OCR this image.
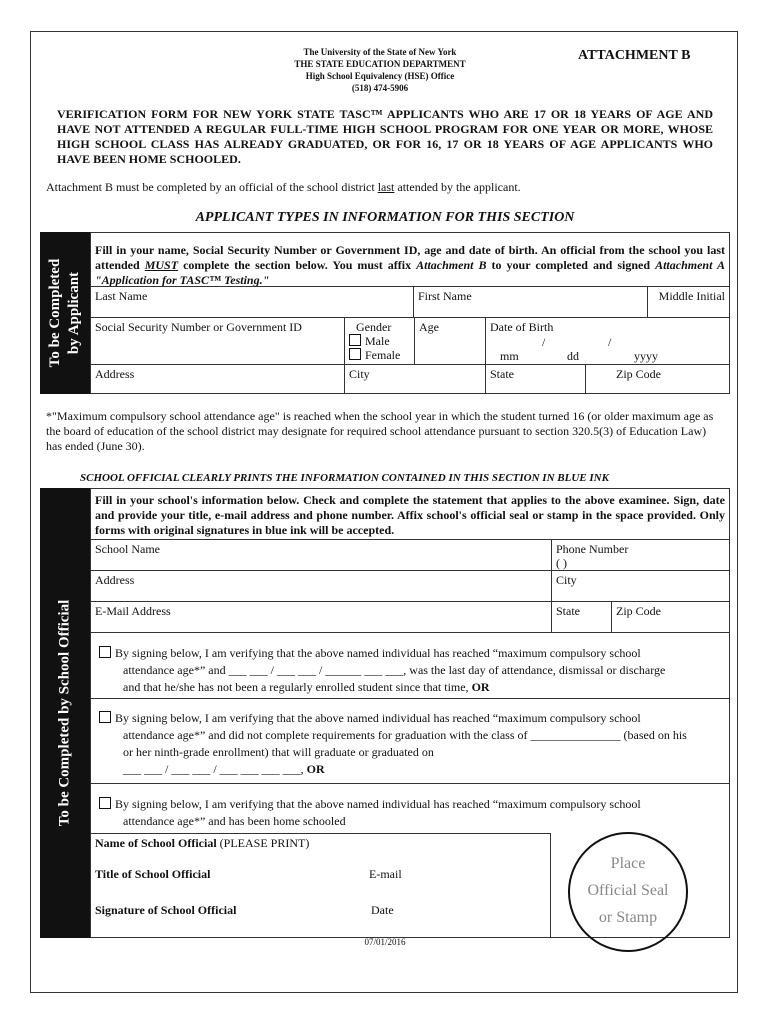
The University of the State of New York
THE STATE EDUCATION DEPARTMENT
High School Equivalency (HSE) Office
(518) 474-5906
ATTACHMENT B
VERIFICATION FORM FOR NEW YORK STATE TASC™ APPLICANTS WHO ARE 17 OR 18 YEARS OF AGE AND HAVE NOT ATTENDED A REGULAR FULL-TIME HIGH SCHOOL PROGRAM FOR ONE YEAR OR MORE, WHOSE HIGH SCHOOL CLASS HAS ALREADY GRADUATED, OR FOR 16, 17 OR 18 YEARS OF AGE APPLICANTS WHO HAVE BEEN HOME SCHOOLED.
Attachment B must be completed by an official of the school district last attended by the applicant.
APPLICANT TYPES IN INFORMATION FOR THIS SECTION
To be Completed by Applicant
Fill in your name, Social Security Number or Government ID, age and date of birth. An official from the school you last attended MUST complete the section below. You must affix Attachment B to your completed and signed Attachment A "Application for TASC™ Testing."
Last Name	First Name	Middle Initial
Social Security Number or Government ID	Gender
Male
Female
Age	Date of Birth
/	/
mm	dd	yyyy
Address	City	State	Zip Code
*"Maximum compulsory school attendance age" is reached when the school year in which the student turned 16 (or older maximum age as the board of education of the school district may designate for required school attendance pursuant to section 320.5(3) of Education Law) has ended (June 30).
SCHOOL OFFICIAL CLEARLY PRINTS THE INFORMATION CONTAINED IN THIS SECTION IN BLUE INK
To be Completed by School Official
Fill in your school's information below. Check and complete the statement that applies to the above examinee. Sign, date and provide your title, e-mail address and phone number. Affix school's official seal or stamp in the space provided. Only forms with original signatures in blue ink will be accepted.
School Name	Phone Number
( )
Address	City
E-Mail Address	State	Zip Code
By signing below, I am verifying that the above named individual has reached “maximum compulsory school
attendance age*” and ___ ___ / ___ ___ / ______ ___ ___, was the last day of attendance, dismissal or discharge
and that he/she has not been a regularly enrolled student since that time, OR
By signing below, I am verifying that the above named individual has reached “maximum compulsory school
attendance age*” and did not complete requirements for graduation with the class of _______________ (based on his
or her ninth-grade enrollment) that will graduate or graduated on
___ ___ / ___ ___ / ___ ___ ___ ___, OR
By signing below, I am verifying that the above named individual has reached “maximum compulsory school
attendance age*” and has been home schooled
Name of School Official (PLEASE PRINT)
Title of School Official	E-mail
Signature of School Official	Date
Place
Official Seal
or Stamp
07/01/2016
